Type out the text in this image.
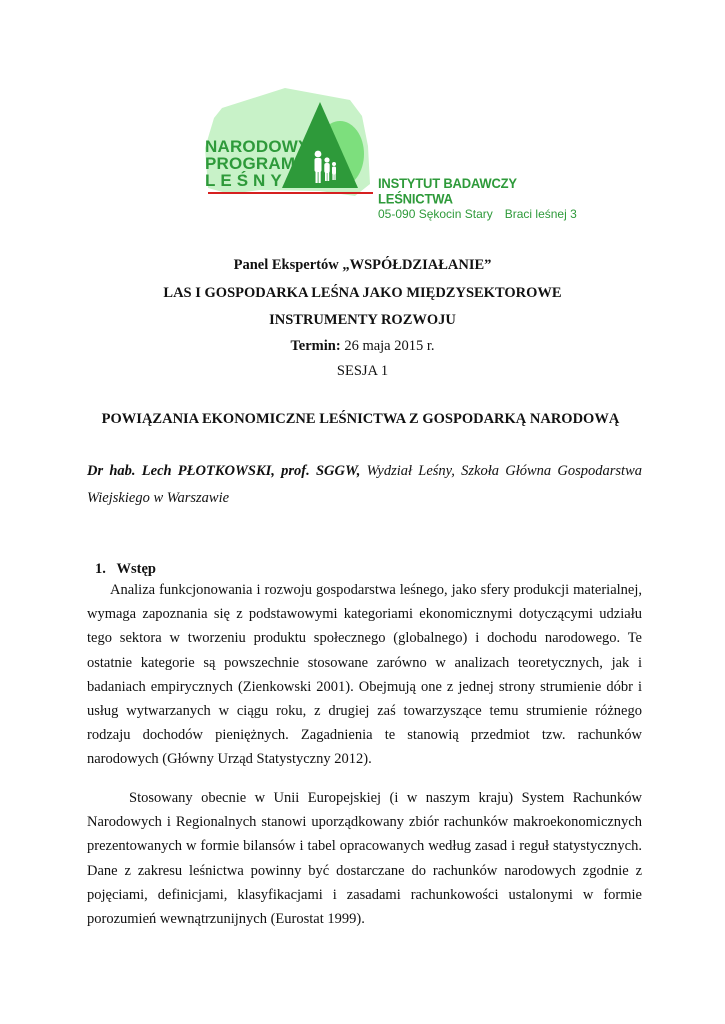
NARODOWY
PROGRAM
LEŚNY	INSTYTUT BADAWCZY LEŚNICTWA
05-090 Sękocin Stary Braci leśnej 3
Panel Ekspertów „WSPÓŁDZIAŁANIE”
LAS I GOSPODARKA LEŚNA JAKO MIĘDZYSEKTOROWE
INSTRUMENTY ROZWOJU
Termin: 26 maja 2015 r.
SESJA 1
POWIĄZANIA EKONOMICZNE LEŚNICTWA Z GOSPODARKĄ NARODOWĄ
Dr hab. Lech PŁOTKOWSKI, prof. SGGW, Wydział Leśny, Szkoła Główna Gospodarstwa Wiejskiego w Warszawie
1.   Wstęp
Analiza funkcjonowania i rozwoju gospodarstwa leśnego, jako sfery produkcji materialnej, wymaga zapoznania się z podstawowymi kategoriami ekonomicznymi dotyczącymi udziału tego sektora w tworzeniu produktu społecznego (globalnego) i dochodu narodowego. Te ostatnie kategorie są powszechnie stosowane zarówno w analizach teoretycznych, jak i badaniach empirycznych (Zienkowski 2001). Obejmują one z jednej strony strumienie dóbr i usług wytwarzanych w ciągu roku, z drugiej zaś towarzyszące temu strumienie różnego rodzaju dochodów pieniężnych. Zagadnienia te stanowią przedmiot tzw. rachunków narodowych (Główny Urząd Statystyczny 2012).
Stosowany obecnie w Unii Europejskiej (i w naszym kraju) System Rachunków Narodowych i Regionalnych stanowi uporządkowany zbiór rachunków makroekonomicznych prezentowanych w formie bilansów i tabel opracowanych według zasad i reguł statystycznych. Dane z zakresu leśnictwa powinny być dostarczane do rachunków narodowych zgodnie z pojęciami, definicjami, klasyfikacjami i zasadami rachunkowości ustalonymi w formie porozumień wewnątrzunijnych (Eurostat 1999).
